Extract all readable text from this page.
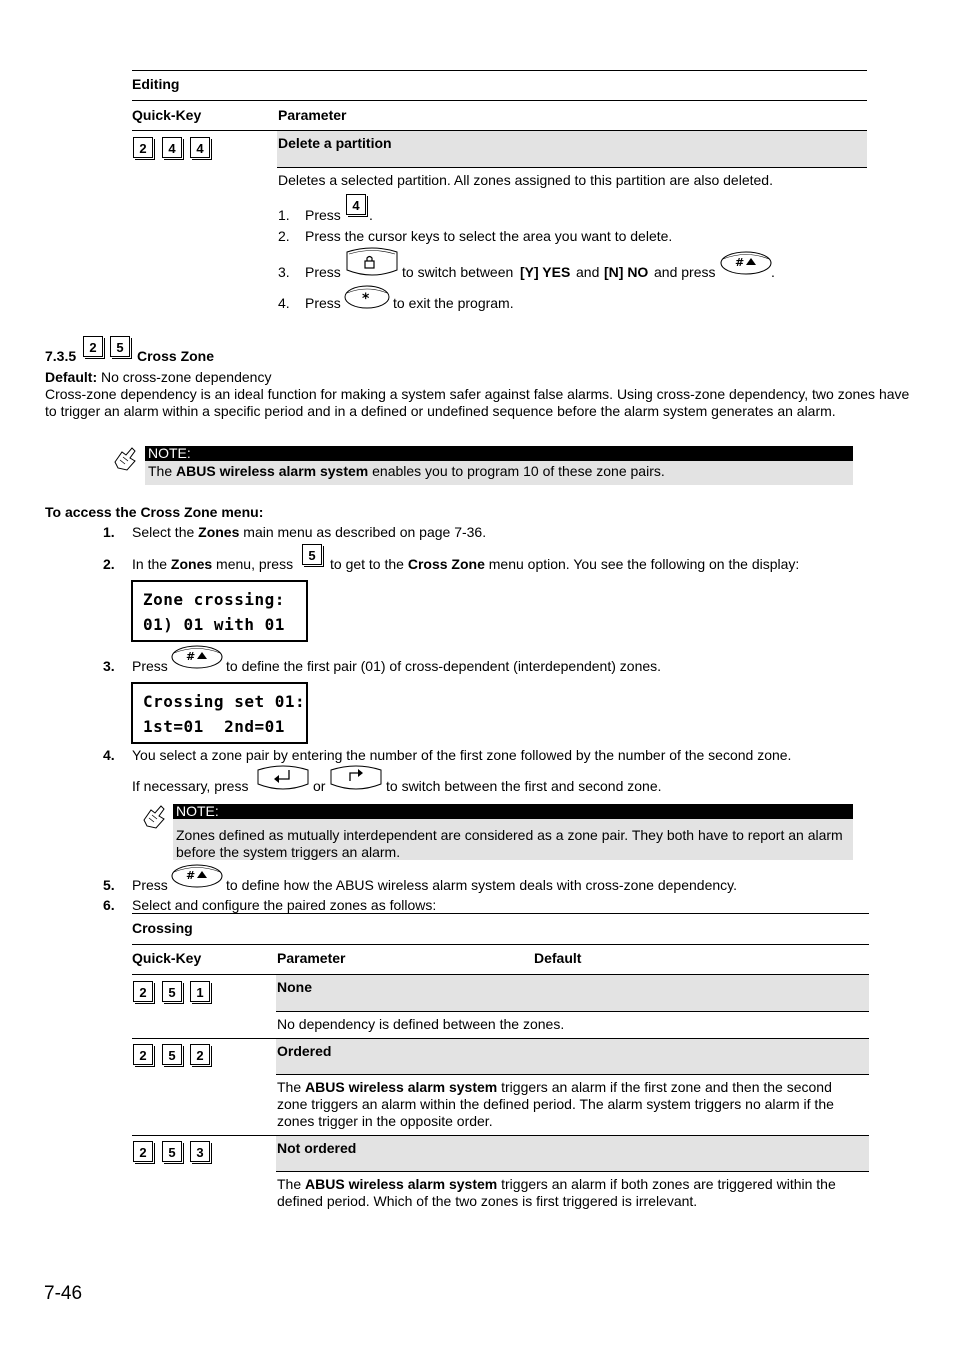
Editing
Quick-Key	Parameter
2	4	4	Delete a partition
Deletes a selected partition. All zones assigned to this partition are also deleted.
1. Press
4
.
2. Press the cursor keys to select the area you want to delete.
3. Press	to switch between [Y] YES and [N] NO and press
#
.
4. Press * to exit the program.
7.3.5
2	5
Cross Zone
Default: No cross-zone dependency
Cross-zone dependency is an ideal function for making a system safer against false alarms. Using cross-zone dependency, two zones have to trigger an alarm within a specific period and in a defined or undefined sequence before the alarm system generates an alarm.
NOTE:
The ABUS wireless alarm system enables you to program 10 of these zone pairs.
To access the Cross Zone menu:
1. Select the Zones main menu as described on page 7-36.
2. In the Zones menu, press
5
to get to the Cross Zone menu option. You see the following on the display:
Zone crossing:
01) 01 with 01
3. Press
#
to define the first pair (01) of cross-dependent (interdependent) zones.
Crossing set 01:
1st=01  2nd=01
4. You select a zone pair by entering the number of the first zone followed by the number of the second zone.
If necessary, press	or	to switch between the first and second zone.
NOTE:
Zones defined as mutually interdependent are considered as a zone pair. They both have to report an alarm before the system triggers an alarm.
5. Press
#
to define how the ABUS wireless alarm system deals with cross-zone dependency.
6. Select and configure the paired zones as follows:
Crossing
Quick-Key	Parameter	Default
2	5	1	None
No dependency is defined between the zones.
2	5	2	Ordered
The ABUS wireless alarm system triggers an alarm if the first zone and then the second zone triggers an alarm within the defined period. The alarm system triggers no alarm if the zones trigger in the opposite order.
2	5	3	Not ordered
The ABUS wireless alarm system triggers an alarm if both zones are triggered within the defined period. Which of the two zones is first triggered is irrelevant.
7-46
